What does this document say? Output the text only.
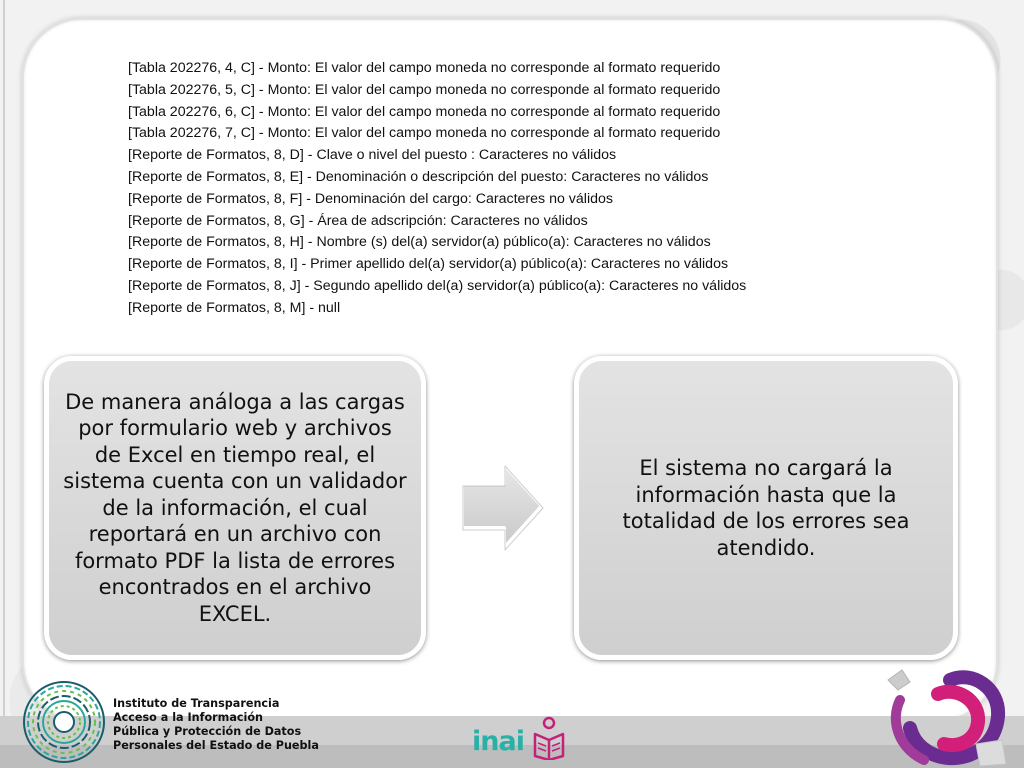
[Tabla 202276, 4, C] - Monto: El valor del campo moneda no corresponde al formato requerido
[Tabla 202276, 5, C] - Monto: El valor del campo moneda no corresponde al formato requerido
[Tabla 202276, 6, C] - Monto: El valor del campo moneda no corresponde al formato requerido
[Tabla 202276, 7, C] - Monto: El valor del campo moneda no corresponde al formato requerido
[Reporte de Formatos, 8, D] - Clave o nivel del puesto : Caracteres no válidos
[Reporte de Formatos, 8, E] - Denominación o descripción del puesto: Caracteres no válidos
[Reporte de Formatos, 8, F] - Denominación del cargo: Caracteres no válidos
[Reporte de Formatos, 8, G] - Área de adscripción: Caracteres no válidos
[Reporte de Formatos, 8, H] - Nombre (s) del(a) servidor(a) público(a): Caracteres no válidos
[Reporte de Formatos, 8, I] - Primer apellido del(a) servidor(a) público(a): Caracteres no válidos
[Reporte de Formatos, 8, J] - Segundo apellido del(a) servidor(a) público(a): Caracteres no válidos
[Reporte de Formatos, 8, M] - null
De manera análoga a las cargas por formulario web y archivos de Excel en tiempo real, el sistema cuenta con un validador de la información, el cual reportará en un archivo con formato PDF la lista de errores encontrados en el archivo EXCEL.
El sistema no cargará la información hasta que la totalidad de los errores sea atendido.
Instituto de Transparencia
Acceso a la Información
Pública y Protección de Datos
Personales del Estado de Puebla	inai
